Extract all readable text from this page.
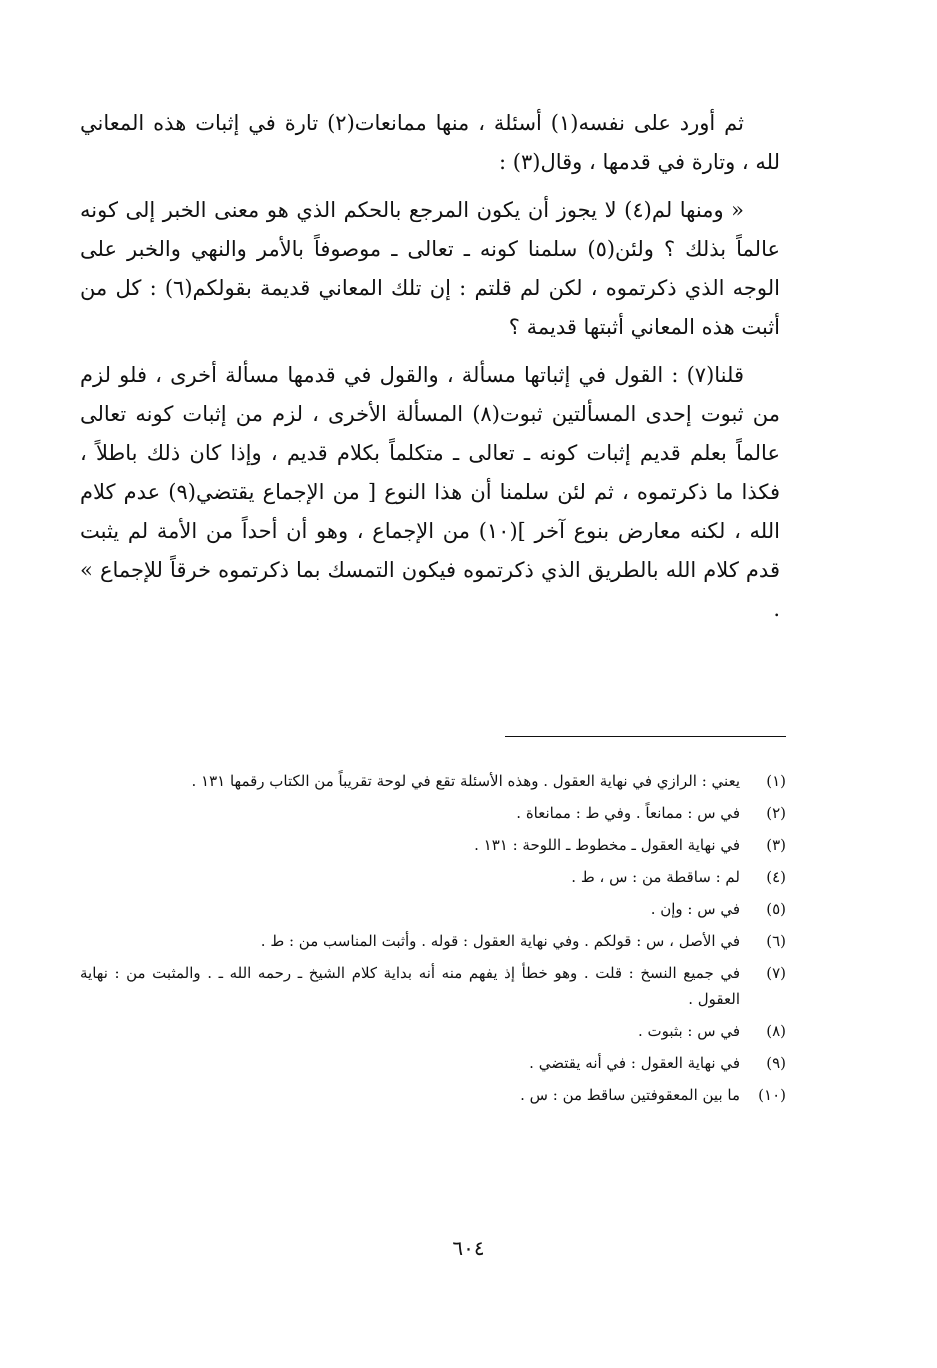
ثم أورد على نفسه(١) أسئلة ، منها ممانعات(٢) تارة في إثبات هذه المعاني لله ، وتارة في قدمها ، وقال(٣) :

« ومنها لم(٤) لا يجوز أن يكون المرجع بالحكم الذي هو معنى الخبر إلى كونه عالماً بذلك ؟ ولئن(٥) سلمنا كونه ـ تعالى ـ موصوفاً بالأمر والنهي والخبر على الوجه الذي ذكرتموه ، لكن لم قلتم : إن تلك المعاني قديمة بقولكم(٦) : كل من أثبت هذه المعاني أثبتها قديمة ؟

قلنا(٧) : القول في إثباتها مسألة ، والقول في قدمها مسألة أخرى ، فلو لزم من ثبوت إحدى المسألتين ثبوت(٨) المسألة الأخرى ، لزم من إثبات كونه تعالى عالماً بعلم قديم إثبات كونه ـ تعالى ـ متكلماً بكلام قديم ، وإذا كان ذلك باطلاً ، فكذا ما ذكرتموه ، ثم لئن سلمنا أن هذا النوع [ من الإجماع يقتضي(٩) عدم كلام الله ، لكنه معارض بنوع آخر ](١٠) من الإجماع ، وهو أن أحداً من الأمة لم يثبت قدم كلام الله بالطريق الذي ذكرتموه فيكون التمسك بما ذكرتموه خرقاً للإجماع » .

(١)
يعني : الرازي في نهاية العقول . وهذه الأسئلة تقع في لوحة تقريباً من الكتاب رقمها ١٣١ .
(٢)
في س : ممانعاً . وفي ط : ممانعاة .
(٣)
في نهاية العقول ـ مخطوط ـ اللوحة : ١٣١ .
(٤)
لم : ساقطة من : س ، ط .
(٥)
في س : وإن .
(٦)
في الأصل ، س : قولكم . وفي نهاية العقول : قوله . وأثبت المناسب من : ط .
(٧)
في جميع النسخ : قلت . وهو خطأ إذ يفهم منه أنه بداية كلام الشيخ ـ رحمه الله ـ . والمثبت من : نهاية العقول .
(٨)
في س : بثبوت .
(٩)
في نهاية العقول : في أنه يقتضي .
(١٠)
ما بين المعقوفتين ساقط من : س .
٦٠٤
